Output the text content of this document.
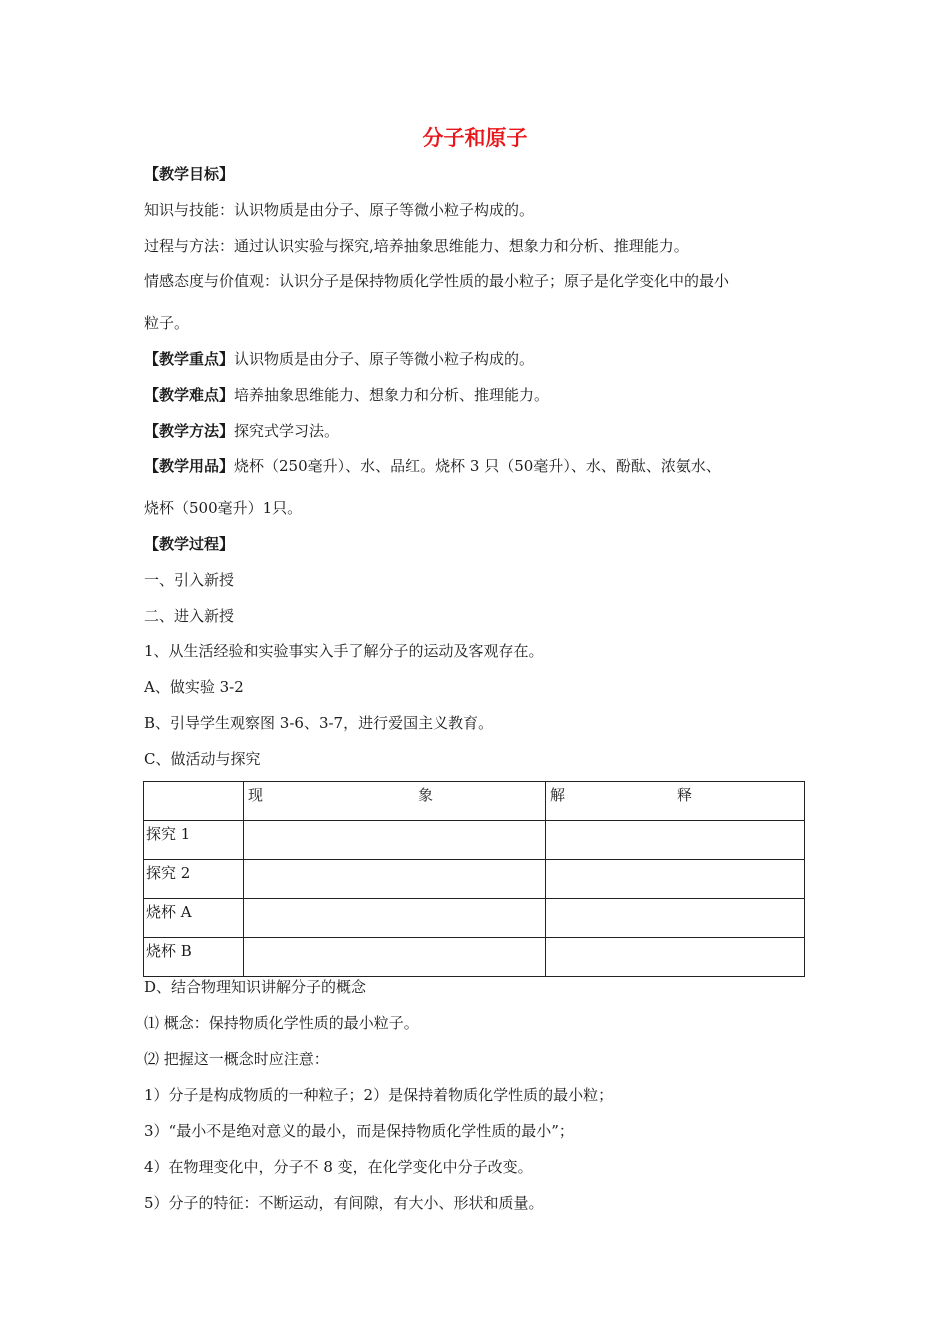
分子和原子
【教学目标】
知识与技能：认识物质是由分子、原子等微小粒子构成的。
过程与方法：通过认识实验与探究,培养抽象思维能力、想象力和分析、推理能力。
情感态度与价值观：认识分子是保持物质化学性质的最小粒子；原子是化学变化中的最小
粒子。
【教学重点】认识物质是由分子、原子等微小粒子构成的。
【教学难点】培养抽象思维能力、想象力和分析、推理能力。
【教学方法】探究式学习法。
【教学用品】烧杯（250毫升）、水、品红。烧杯 3 只（50毫升）、水、酚酞、浓氨水、
烧杯（500毫升）1只。
【教学过程】
一、引入新授
二、进入新授
1、从生活经验和实验事实入手了解分子的运动及客观存在。
A、做实验 3-2
B、引导学生观察图 3-6、3-7，进行爱国主义教育。
C、做活动与探究

	现 象	解 释

探究 1		
探究 2		
烧杯 A		
烧杯 B		
D、结合物理知识讲解分子的概念
⑴ 概念：保持物质化学性质的最小粒子。
⑵ 把握这一概念时应注意：
1）分子是构成物质的一种粒子；2）是保持着物质化学性质的最小粒；
3）“最小不是绝对意义的最小，而是保持物质化学性质的最小”；
4）在物理变化中，分子不 8 变，在化学变化中分子改变。
5）分子的特征：不断运动，有间隙，有大小、形状和质量。
